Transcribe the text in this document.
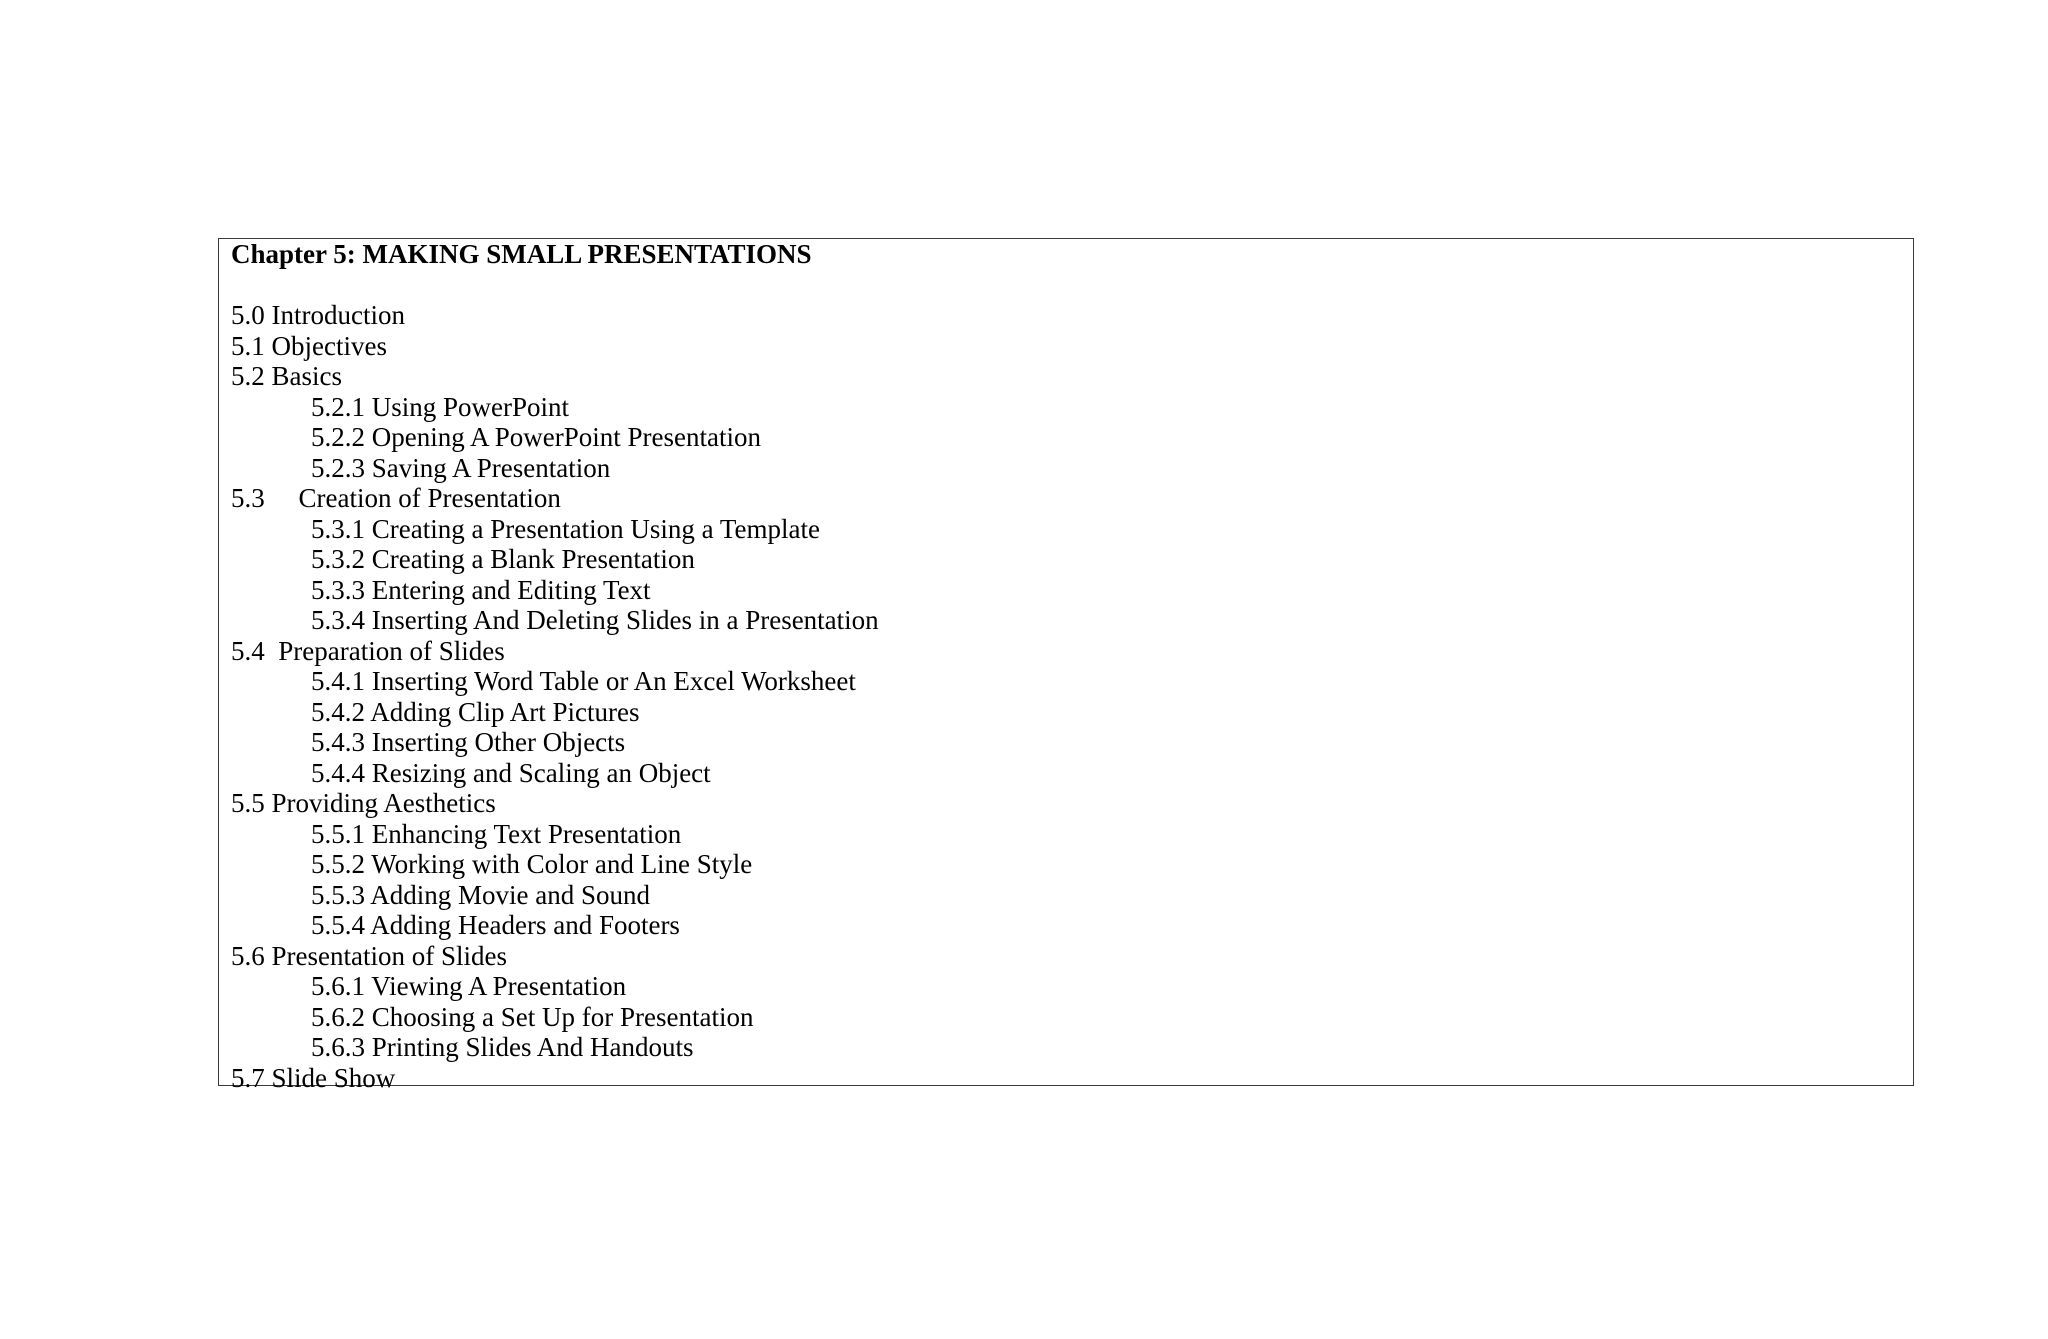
Chapter 5: MAKING SMALL PRESENTATIONS
5.0 Introduction
5.1 Objectives
5.2 Basics
5.2.1 Using PowerPoint
5.2.2 Opening A PowerPoint Presentation
5.2.3 Saving A Presentation
5.3     Creation of Presentation
5.3.1 Creating a Presentation Using a Template
5.3.2 Creating a Blank Presentation
5.3.3 Entering and Editing Text
5.3.4 Inserting And Deleting Slides in a Presentation
5.4  Preparation of Slides
5.4.1 Inserting Word Table or An Excel Worksheet
5.4.2 Adding Clip Art Pictures
5.4.3 Inserting Other Objects
5.4.4 Resizing and Scaling an Object
5.5 Providing Aesthetics
5.5.1 Enhancing Text Presentation
5.5.2 Working with Color and Line Style
5.5.3 Adding Movie and Sound
5.5.4 Adding Headers and Footers
5.6 Presentation of Slides
5.6.1 Viewing A Presentation
5.6.2 Choosing a Set Up for Presentation
5.6.3 Printing Slides And Handouts
5.7 Slide Show
